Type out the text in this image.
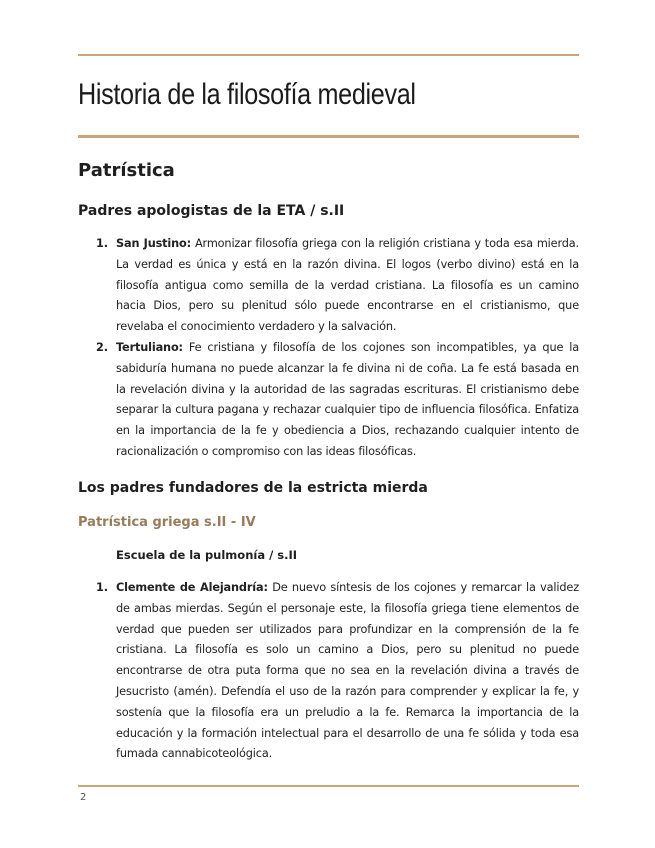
Historia de la filosofía medieval
Patrística
Padres apologistas de la ETA / s.II
1. San Justino: Armonizar filosofía griega con la religión cristiana y toda esa mierda. La verdad es única y está en la razón divina. El logos (verbo divino) está en la filosofía antigua como semilla de la verdad cristiana. La filosofía es un camino hacia Dios, pero su plenitud sólo puede encontrarse en el cristianismo, que revelaba el conocimiento verdadero y la salvación.
2. Tertuliano: Fe cristiana y filosofía de los cojones son incompatibles, ya que la sabiduría humana no puede alcanzar la fe divina ni de coña. La fe está basada en la revelación divina y la autoridad de las sagradas escrituras. El cristianismo debe separar la cultura pagana y rechazar cualquier tipo de influencia filosófica. Enfatiza en la importancia de la fe y obediencia a Dios, rechazando cualquier intento de racionalización o compromiso con las ideas filosóficas.
Los padres fundadores de la estricta mierda
Patrística griega s.II - IV
Escuela de la pulmonía / s.II
1. Clemente de Alejandría: De nuevo síntesis de los cojones y remarcar la validez de ambas mierdas. Según el personaje este, la filosofía griega tiene elementos de verdad que pueden ser utilizados para profundizar en la comprensión de la fe cristiana. La filosofía es solo un camino a Dios, pero su plenitud no puede encontrarse de otra puta forma que no sea en la revelación divina a través de Jesucristo (amén). Defendía el uso de la razón para comprender y explicar la fe, y sostenía que la filosofía era un preludio a la fe. Remarca la importancia de la educación y la formación intelectual para el desarrollo de una fe sólida y toda esa fumada cannabicoteológica.
2
